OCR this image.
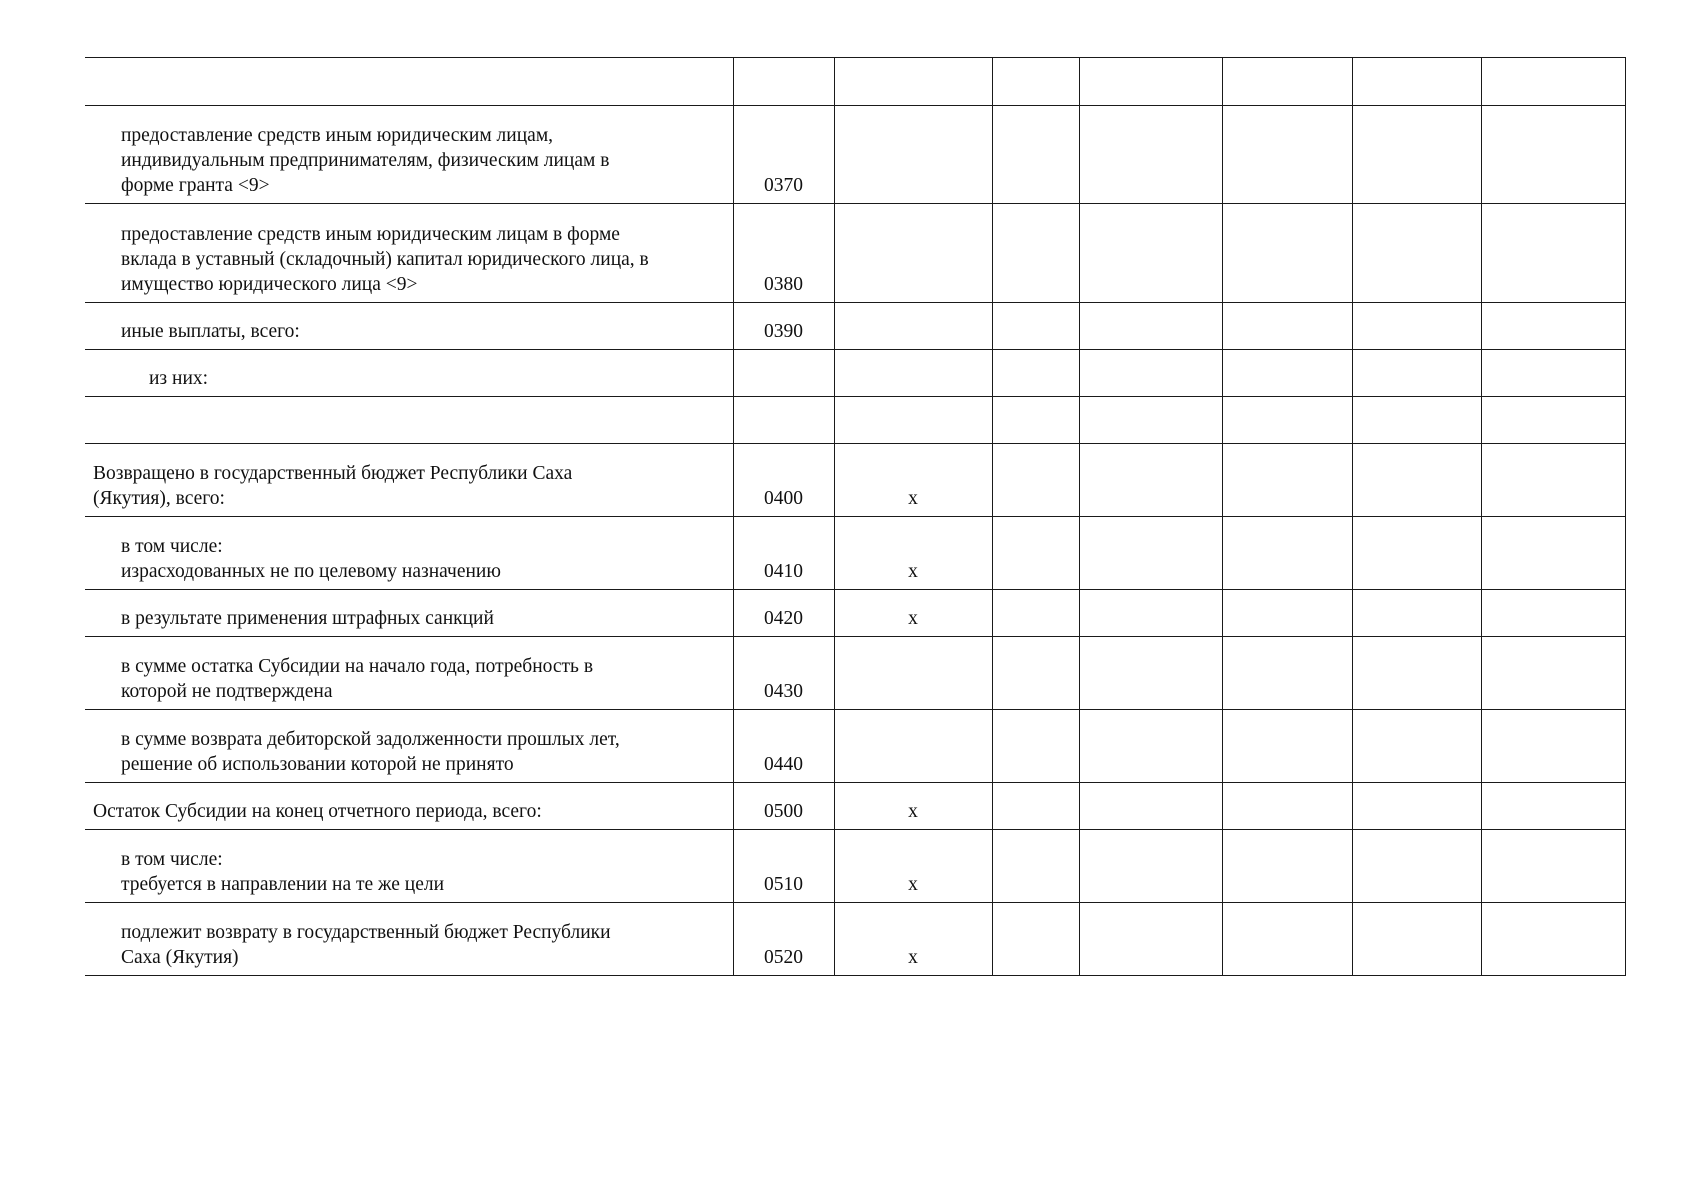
предоставление средств иным юридическим лицам,
индивидуальным предпринимателям, физическим лицам в
форме гранта <9>	0370						

предоставление средств иным юридическим лицам в форме
вклада в уставный (складочный) капитал юридического лица, в
имущество юридического лица <9>	0380						

иные выплаты, всего:	0390						

из них:							

Возвращено в государственный бюджет Республики Саха
(Якутия), всего:	0400	х					

в том числе:
израсходованных не по целевому назначению	0410	х					

в результате применения штрафных санкций	0420	х					

в сумме остатка Субсидии на начало года, потребность в
которой не подтверждена	0430						

в сумме возврата дебиторской задолженности прошлых лет,
решение об использовании которой не принято	0440						

Остаток Субсидии на конец отчетного периода, всего:	0500	х					

в том числе:
требуется в направлении на те же цели	0510	х					

подлежит возврату в государственный бюджет Республики
Саха (Якутия)	0520	х					
